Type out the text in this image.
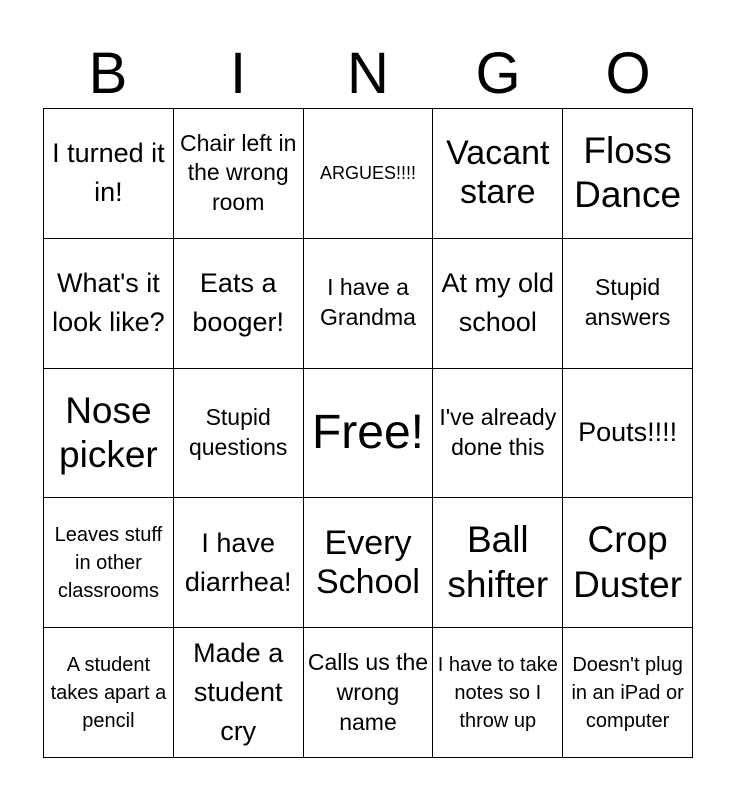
B	I	N	G	O
I turned it in!	Chair left in the wrong room	ARGUES!!!!	Vacant stare	Floss Dance

What's it look like?	Eats a booger!	I have a Grandma	At my old school	Stupid answers

Nose picker	Stupid questions	Free!	I've already done this	Pouts!!!!

Leaves stuff in other classrooms	I have diarrhea!	Every School	Ball shifter	Crop Duster

A student takes apart a pencil	Made a student cry	Calls us the wrong name	I have to take notes so I throw up	Doesn't plug in an iPad or computer
